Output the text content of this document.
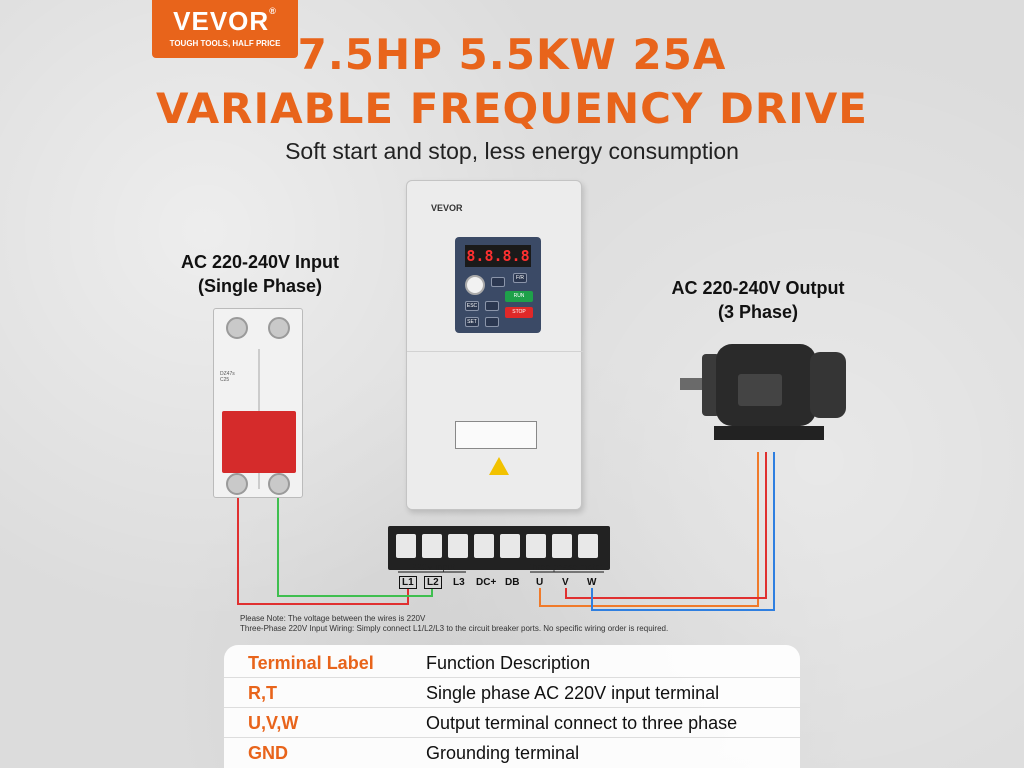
VEVOR®
TOUGH TOOLS, HALF PRICE 7.5HP 5.5KW 25A
VARIABLE FREQUENCY DRIVE
Soft start and stop, less energy consumption
AC 220-240V Input
(Single Phase)	AC 220-240V Output
(3 Phase)
DZ47s
C25
VEVOR
8.8.8.8
F/R
ESC
SET
RUN
STOP
220V input	Three phase motor
L1	L2	L3 DC+ DB U V W
Please Note: The voltage between the wires is 220V
Three-Phase 220V Input Wiring: Simply connect L1/L2/L3 to the circuit breaker ports. No specific wiring order is required.
Terminal Label	Function Description
R,T	Single phase AC 220V input terminal
U,V,W	Output terminal connect to three phase
GND	Grounding terminal
